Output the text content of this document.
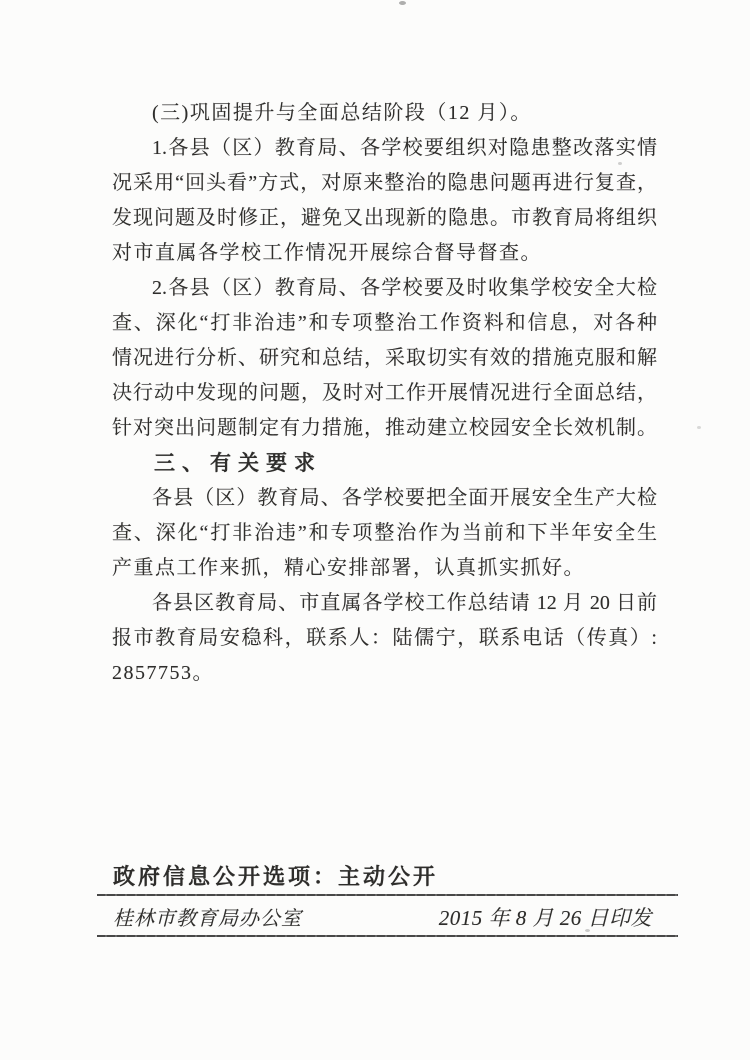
(三)巩固提升与全面总结阶段（12 月）。
1.各县（区）教育局、各学校要组织对隐患整改落实情
况采用“回头看”方式，对原来整治的隐患问题再进行复查，
发现问题及时修正，避免又出现新的隐患。市教育局将组织
对市直属各学校工作情况开展综合督导督查。
2.各县（区）教育局、各学校要及时收集学校安全大检
查、深化“打非治违”和专项整治工作资料和信息，对各种
情况进行分析、研究和总结，采取切实有效的措施克服和解
决行动中发现的问题，及时对工作开展情况进行全面总结，
针对突出问题制定有力措施，推动建立校园安全长效机制。
三、有关要求
各县（区）教育局、各学校要把全面开展安全生产大检
查、深化“打非治违”和专项整治作为当前和下半年安全生
产重点工作来抓，精心安排部署，认真抓实抓好。
各县区教育局、市直属各学校工作总结请 12 月 20 日前
报市教育局安稳科，联系人：陆儒宁，联系电话（传真）:
2857753。
政府信息公开选项：主动公开
桂林市教育局办公室	2015 年 8 月 26 日印发
